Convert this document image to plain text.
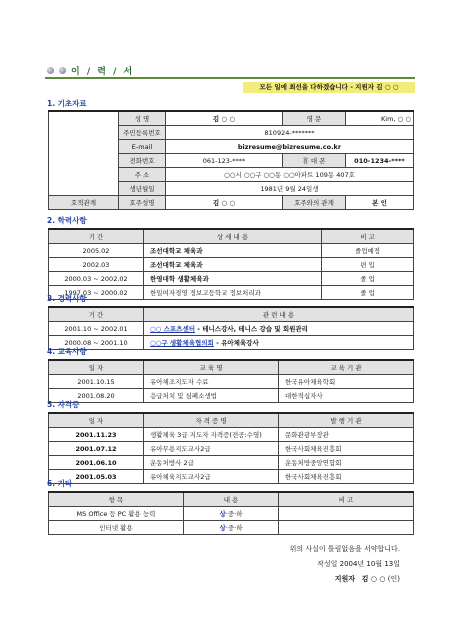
이 / 력 / 서
모든 일에 최선을 다하겠습니다 - 지원자 김 ○ ○
1. 기초자료
	성 명	김 ○ ○	영 문	Kim, ○ ○
	주민등록번호	810924-*******		
	E-mail	bizresume@bizresume.co.kr		
	전화번호	061-123-****	휴 대 폰	010-1234-****
	주 소	○○시 ○○구 ○○동 ○○아파트 109동 407호		
	생년월일	1981년 9월 24일생		
호적관계	호주성명	김 ○ ○	호주와의 관계	본 인
2. 학력사항
기 간	상 세 내 용	비 고
2005.02	조선대학교 체육과	졸업예정
2002.03	조선대학교 체육과	편 입
2000.03 ~ 2002.02	한영대학 생활체육과	졸 업
1997.03 ~ 2000.02	한일여자경영 정보고등학교 정보처리과	졸 업
3. 경력사항
기 간	관 련 내 용
2001.10 ~ 2002.01	○○ 스포츠센터 - 테니스강사, 테니스 강습 및 회원관리
2000.08 ~ 2001.10	○○구 생활체육협의회 - 유아체육강사
4. 교육사항
일 자	교 육 명	교 육 기 관
2001.10.15	유아체조지도자 수료	한국유아체육학회
2001.08.20	응급처치 및 심폐소생법	대한적십자사
5. 자격증
일 자	자 격 증 명	발 행 기 관
2001.11.23	생활체육 3급 지도자 자격증(전공:수영)	문화관광부장관
2001.07.12	유아무용지도교사2급	한국사회체육진흥회
2001.06.10	운동처방사 2급	운동처방중앙연합회
2001.05.03	유아체육지도교사2급	한국사회체육진흥회
6. 기타
항 목	내 용	비 고
MS Office 등 PC 활용 능력	상·중·하	
인터넷 활용	상·중·하	
위의 사실이 틀림없음을 서약합니다.
작성일 2004년 10월 13일
지원자 김 ○ ○ (인)
